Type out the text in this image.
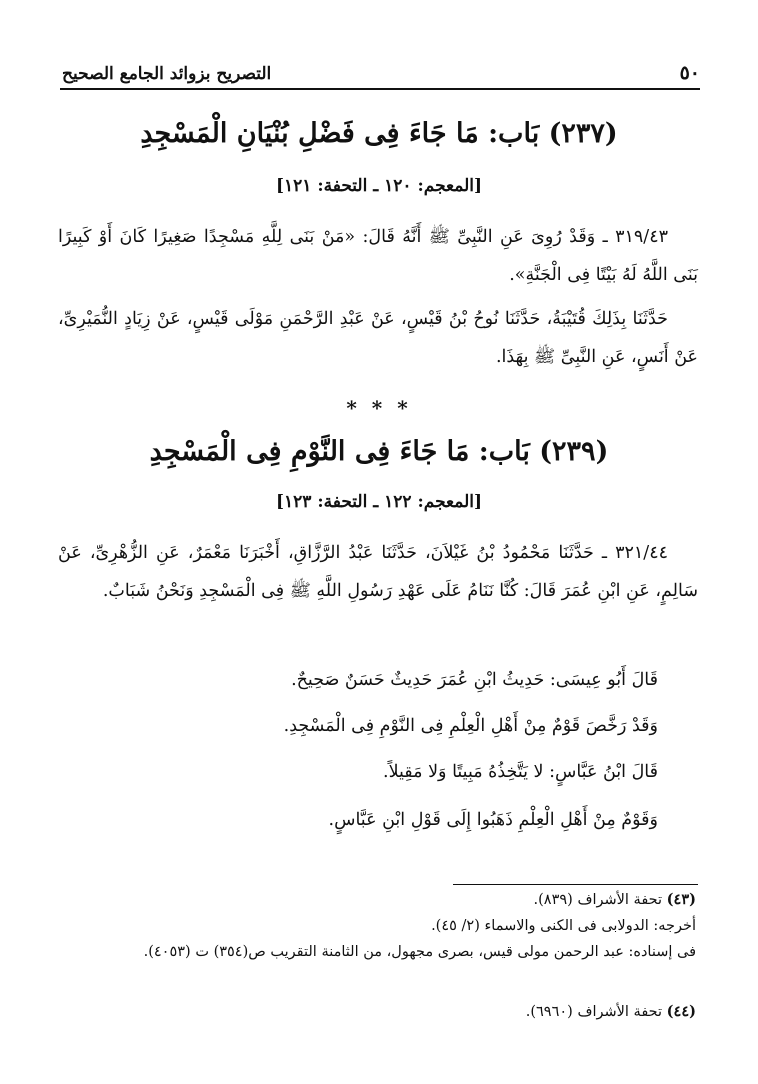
٥٠
التصريح بزوائد الجامع الصحيح
(٢٣٧) بَاب: مَا جَاءَ فِى فَضْلِ بُنْيَانِ الْمَسْجِدِ
[المعجم: ١٢٠ ـ التحفة: ١٢١]

٣١٩/٤٣ ـ وَقَدْ رُوِىَ عَنِ النَّبِىِّ ﷺ أَنَّهُ قَالَ: «مَنْ بَنَى لِلَّهِ مَسْجِدًا صَغِيرًا كَانَ أَوْ كَبِيرًا بَنَى اللَّهُ لَهُ بَيْتًا فِى الْجَنَّةِ».

حَدَّثَنَا بِذَلِكَ قُتَيْبَةُ، حَدَّثَنَا نُوحُ بْنُ قَيْسٍ، عَنْ عَبْدِ الرَّحْمَنِ مَوْلَى قَيْسٍ، عَنْ زِيَادٍ النُّمَيْرِىِّ، عَنْ أَنَسٍ، عَنِ النَّبِىِّ ﷺ بِهَذَا.

* * *
(٢٣٩) بَاب: مَا جَاءَ فِى النَّوْمِ فِى الْمَسْجِدِ
[المعجم: ١٢٢ ـ التحفة: ١٢٣]

٣٢١/٤٤ ـ حَدَّثَنَا مَحْمُودُ بْنُ غَيْلاَنَ، حَدَّثَنَا عَبْدُ الرَّزَّاقِ، أَخْبَرَنَا مَعْمَرٌ، عَنِ الزُّهْرِىِّ، عَنْ سَالِمٍ، عَنِ ابْنِ عُمَرَ قَالَ: كُنَّا نَنَامُ عَلَى عَهْدِ رَسُولِ اللَّهِ ﷺ فِى الْمَسْجِدِ وَنَحْنُ شَبَابٌ.

قَالَ أَبُو عِيسَى: حَدِيثُ ابْنِ عُمَرَ حَدِيثٌ حَسَنٌ صَحِيحٌ.
وَقَدْ رَخَّصَ قَوْمٌ مِنْ أَهْلِ الْعِلْمِ فِى النَّوْمِ فِى الْمَسْجِدِ.
قَالَ ابْنُ عَبَّاسٍ: لا يَتَّخِذُهُ مَبِيتًا وَلا مَقِيلاً.
وَقَوْمٌ مِنْ أَهْلِ الْعِلْمِ ذَهَبُوا إِلَى قَوْلِ ابْنِ عَبَّاسٍ.

(٤٣) تحفة الأشراف (٨٣٩).

أخرجه: الدولابى فى الكنى والاسماء (٢/ ٤٥).

فى إسناده: عبد الرحمن مولى قيس، بصرى مجهول، من الثامنة التقريب ص(٣٥٤) ت (٤٠٥٣).

(٤٤) تحفة الأشراف (٦٩٦٠).
